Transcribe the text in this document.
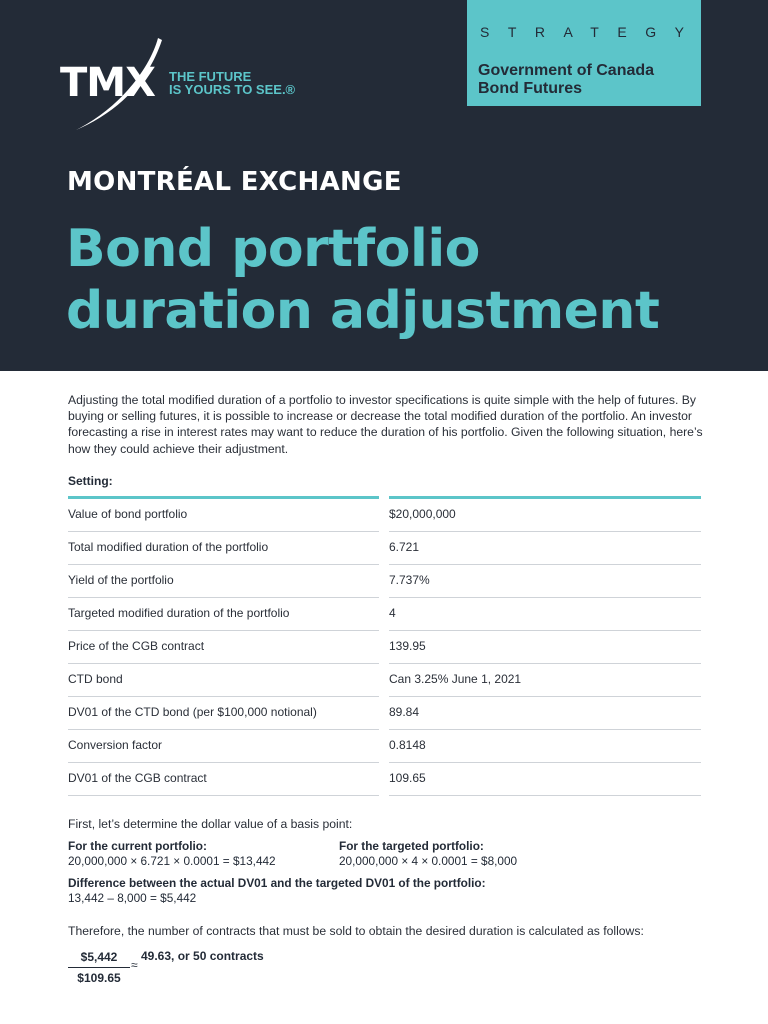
TMX THE FUTURE
IS YOURS TO SEE.®
STRATEGY
Government of Canada
Bond Futures
MONTRÉAL EXCHANGE
Bond portfolio
duration adjustment

Adjusting the total modified duration of a portfolio to investor specifications is quite simple with the help of futures. By buying or selling futures, it is possible to increase or decrease the total modified duration of the portfolio. An investor forecasting a rise in interest rates may want to reduce the duration of his portfolio. Given the following situation, here’s how they could achieve their adjustment.

Setting:
Value of bond portfolio	$20,000,000
Total modified duration of the portfolio	6.721
Yield of the portfolio	7.737%
Targeted modified duration of the portfolio	4
Price of the CGB contract	139.95
CTD bond	Can 3.25% June 1, 2021
DV01 of the CTD bond (per $100,000 notional)	89.84
Conversion factor	0.8148
DV01 of the CGB contract	109.65
First, let’s determine the dollar value of a basis point:
For the current portfolio:
20,000,000 × 6.721 × 0.0001 = $13,442
For the targeted portfolio:
20,000,000 × 4 × 0.0001 = $8,000
Difference between the actual DV01 and the targeted DV01 of the portfolio:
13,442 – 8,000 = $5,442
Therefore, the number of contracts that must be sold to obtain the desired duration is calculated as follows:
$5,442
$109.65
≈
49.63, or 50 contracts
